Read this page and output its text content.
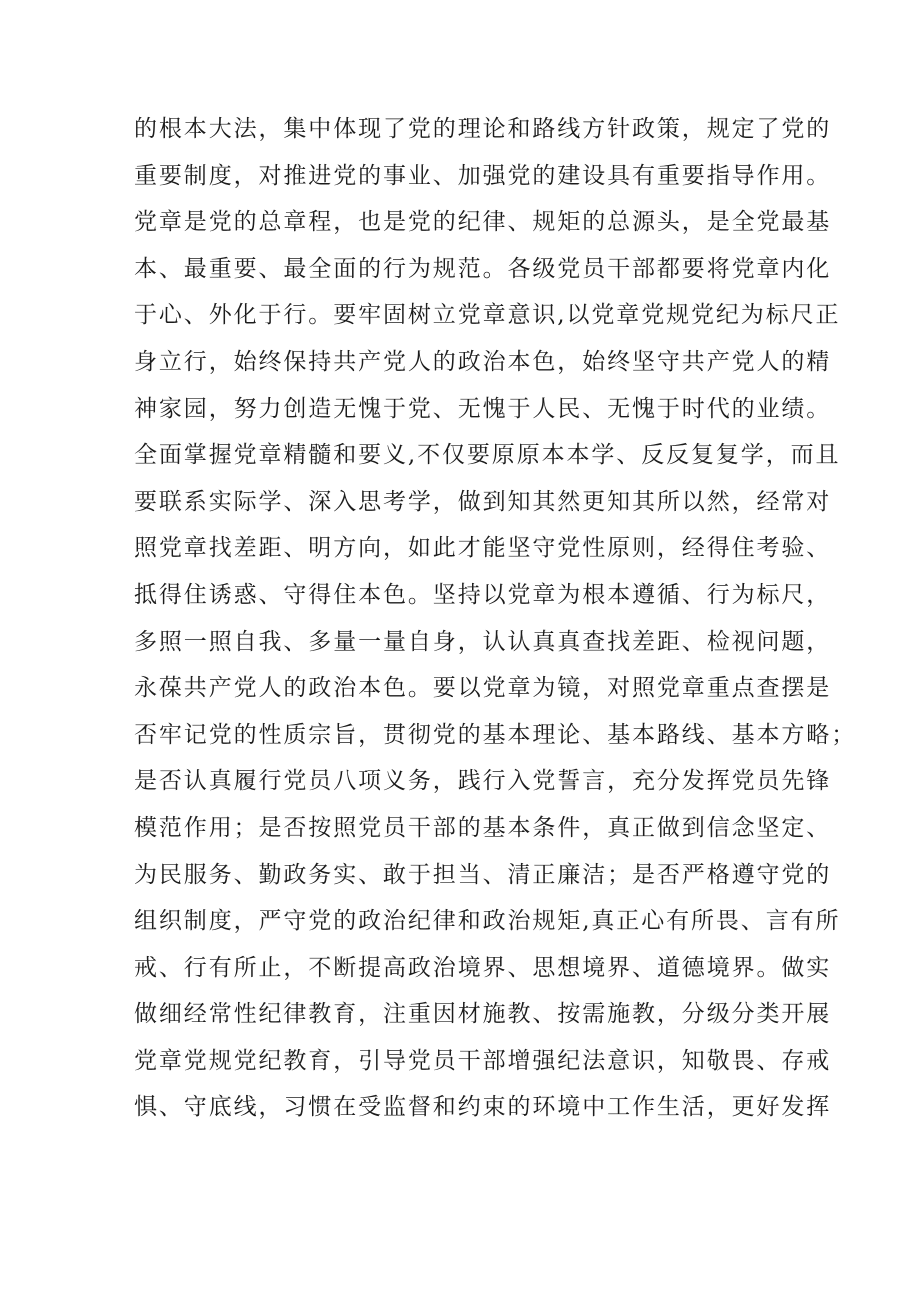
的根本大法，集中体现了党的理论和路线方针政策，规定了党的
重要制度，对推进党的事业、加强党的建设具有重要指导作用。
党章是党的总章程，也是党的纪律、规矩的总源头，是全党最基
本、最重要、最全面的行为规范。各级党员干部都要将党章内化
于心、外化于行。要牢固树立党章意识,以党章党规党纪为标尺正
身立行，始终保持共产党人的政治本色，始终坚守共产党人的精
神家园，努力创造无愧于党、无愧于人民、无愧于时代的业绩。
全面掌握党章精髓和要义,不仅要原原本本学、反反复复学，而且
要联系实际学、深入思考学，做到知其然更知其所以然，经常对
照党章找差距、明方向，如此才能坚守党性原则，经得住考验、
抵得住诱惑、守得住本色。坚持以党章为根本遵循、行为标尺，
多照一照自我、多量一量自身，认认真真查找差距、检视问题，
永葆共产党人的政治本色。要以党章为镜，对照党章重点查摆是
否牢记党的性质宗旨，贯彻党的基本理论、基本路线、基本方略；
是否认真履行党员八项义务，践行入党誓言，充分发挥党员先锋
模范作用；是否按照党员干部的基本条件，真正做到信念坚定、
为民服务、勤政务实、敢于担当、清正廉洁；是否严格遵守党的
组织制度，严守党的政治纪律和政治规矩,真正心有所畏、言有所
戒、行有所止，不断提高政治境界、思想境界、道德境界。做实
做细经常性纪律教育，注重因材施教、按需施教，分级分类开展
党章党规党纪教育，引导党员干部增强纪法意识，知敬畏、存戒
惧、守底线，习惯在受监督和约束的环境中工作生活，更好发挥
